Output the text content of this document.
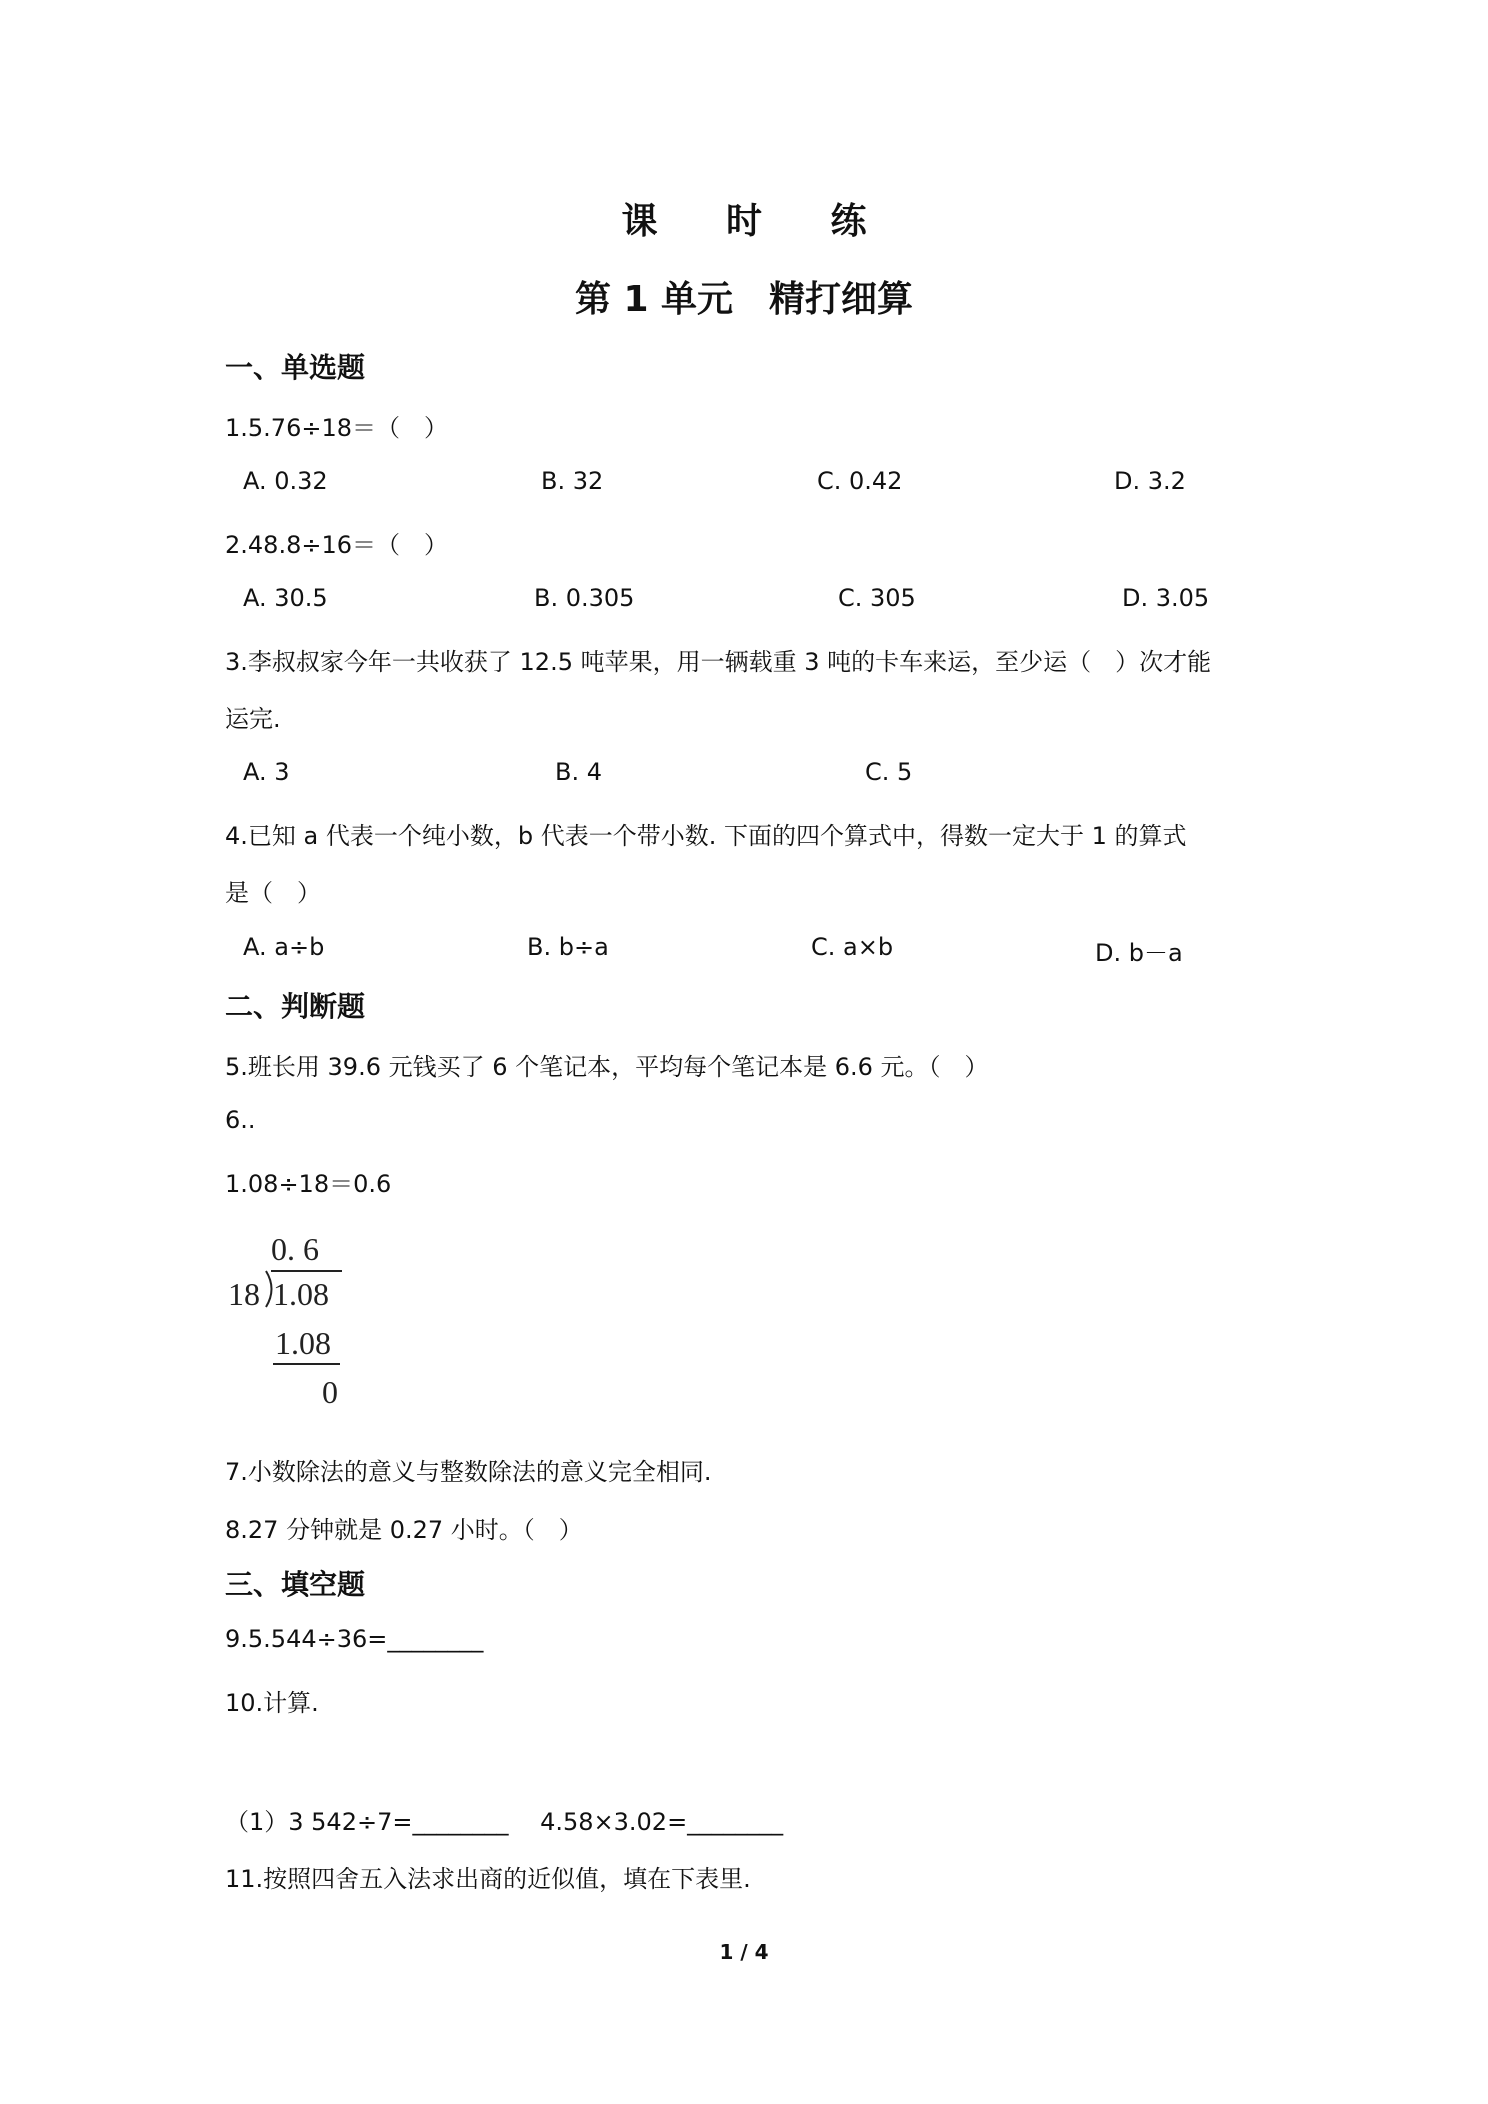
课 时 练
第 1 单元　精打细算
一、单选题
1.5.76÷18＝（　）
A. 0.32	B. 32	C. 0.42	D. 3.2
2.48.8÷16＝（　）
A. 30.5	B. 0.305	C. 305	D. 3.05
3.李叔叔家今年一共收获了 12.5 吨苹果，用一辆载重 3 吨的卡车来运，至少运（　）次才能
运完.
A. 3	B. 4	C. 5
4.已知 a 代表一个纯小数，b 代表一个带小数. 下面的四个算式中，得数一定大于 1 的算式
是（　）
A. a÷b	B. b÷a	C. a×b	D. b－a
二、判断题
5.班长用 39.6 元钱买了 6 个笔记本，平均每个笔记本是 6.6 元。（　）
6..
1.08÷18＝0.6
0. 6
18 1.08
1.08
0
7.小数除法的意义与整数除法的意义完全相同.
8.27 分钟就是 0.27 小时。（　）
三、填空题
9.5.544÷36=________
10.计算.
（1）3 542÷7=________　 4.58×3.02=________
11.按照四舍五入法求出商的近似值，填在下表里.
1 / 4
